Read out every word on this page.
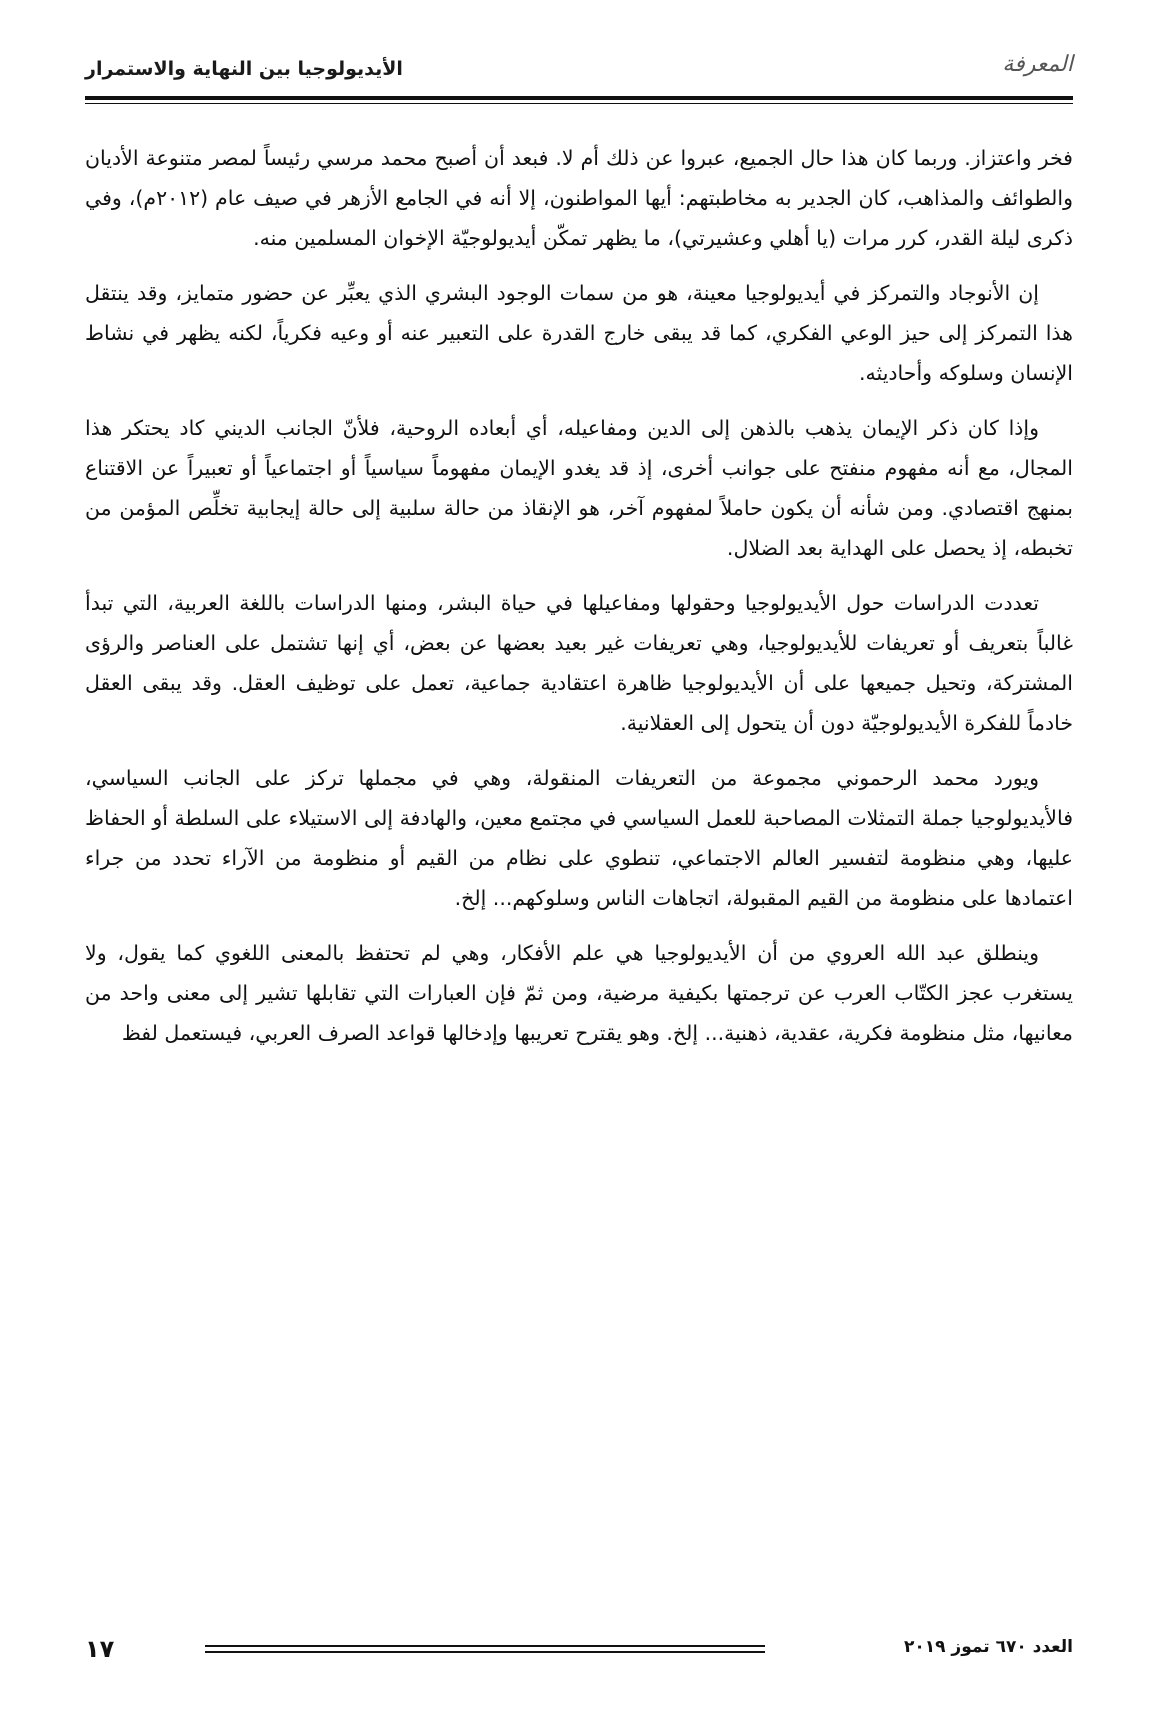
المعرفة
الأيديولوجيا بين النهاية والاستمرار

فخر واعتزاز. وربما كان هذا حال الجميع، عبروا عن ذلك أم لا. فبعد أن أصبح محمد مرسي رئيساً لمصر متنوعة الأديان والطوائف والمذاهب، كان الجدير به مخاطبتهم: أيها المواطنون، إلا أنه في الجامع الأزهر في صيف عام (٢٠١٢م)، وفي ذكرى ليلة القدر، كرر مرات (يا أهلي وعشيرتي)، ما يظهر تمكّن أيديولوجيّة الإخوان المسلمين منه.

إن الأنوجاد والتمركز في أيديولوجيا معينة، هو من سمات الوجود البشري الذي يعبِّر عن حضور متمايز، وقد ينتقل هذا التمركز إلى حيز الوعي الفكري، كما قد يبقى خارج القدرة على التعبير عنه أو وعيه فكرياً، لكنه يظهر في نشاط الإنسان وسلوكه وأحاديثه.

وإذا كان ذكر الإيمان يذهب بالذهن إلى الدين ومفاعيله، أي أبعاده الروحية، فلأنّ الجانب الديني كاد يحتكر هذا المجال، مع أنه مفهوم منفتح على جوانب أخرى، إذ قد يغدو الإيمان مفهوماً سياسياً أو اجتماعياً أو تعبيراً عن الاقتناع بمنهج اقتصادي. ومن شأنه أن يكون حاملاً لمفهوم آخر، هو الإنقاذ من حالة سلبية إلى حالة إيجابية تخلِّص المؤمن من تخبطه، إذ يحصل على الهداية بعد الضلال.

تعددت الدراسات حول الأيديولوجيا وحقولها ومفاعيلها في حياة البشر، ومنها الدراسات باللغة العربية، التي تبدأ غالباً بتعريف أو تعريفات للأيديولوجيا، وهي تعريفات غير بعيد بعضها عن بعض، أي إنها تشتمل على العناصر والرؤى المشتركة، وتحيل جميعها على أن الأيديولوجيا ظاهرة اعتقادية جماعية، تعمل على توظيف العقل. وقد يبقى العقل خادماً للفكرة الأيديولوجيّة دون أن يتحول إلى العقلانية.

ويورد محمد الرحموني مجموعة من التعريفات المنقولة، وهي في مجملها تركز على الجانب السياسي، فالأيديولوجيا جملة التمثلات المصاحبة للعمل السياسي في مجتمع معين، والهادفة إلى الاستيلاء على السلطة أو الحفاظ عليها، وهي منظومة لتفسير العالم الاجتماعي، تنطوي على نظام من القيم أو منظومة من الآراء تحدد من جراء اعتمادها على منظومة من القيم المقبولة، اتجاهات الناس وسلوكهم... إلخ.

وينطلق عبد الله العروي من أن الأيديولوجيا هي علم الأفكار، وهي لم تحتفظ بالمعنى اللغوي كما يقول، ولا يستغرب عجز الكتّاب العرب عن ترجمتها بكيفية مرضية، ومن ثمّ فإن العبارات التي تقابلها تشير إلى معنى واحد من معانيها، مثل منظومة فكرية، عقدية، ذهنية... إلخ. وهو يقترح تعريبها وإدخالها قواعد الصرف العربي، فيستعمل لفظ

١٧	العدد ٦٧٠ تموز ٢٠١٩
